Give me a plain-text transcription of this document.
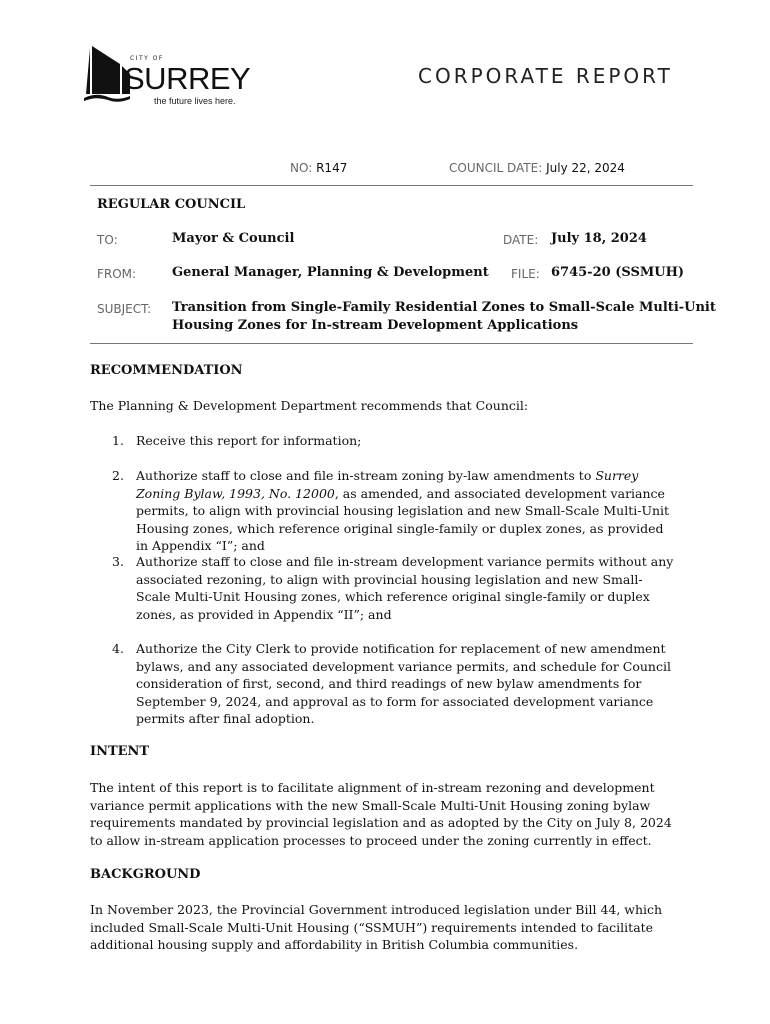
CITY OF
SURREY
the future lives here.
CORPORATE REPORT
NO: R147	COUNCIL DATE: July 22, 2024
REGULAR COUNCIL
TO:	Mayor & Council	DATE: July 18, 2024
FROM:	General Manager, Planning & Development FILE: 6745-20 (SSMUH)
SUBJECT: Transition from Single-Family Residential Zones to Small-Scale Multi-Unit
Housing Zones for In-stream Development Applications
RECOMMENDATION
The Planning & Development Department recommends that Council:
1. Receive this report for information;
2. Authorize staff to close and file in-stream zoning by-law amendments to Surrey Zoning Bylaw, 1993, No. 12000, as amended, and associated development variance permits, to align with provincial housing legislation and new Small-Scale Multi-Unit Housing zones, which reference original single-family or duplex zones, as provided in Appendix “I”; and
3. Authorize staff to close and file in-stream development variance permits without any associated rezoning, to align with provincial housing legislation and new Small-Scale Multi-Unit Housing zones, which reference original single-family or duplex zones, as provided in Appendix “II”; and
4. Authorize the City Clerk to provide notification for replacement of new amendment bylaws, and any associated development variance permits, and schedule for Council consideration of first, second, and third readings of new bylaw amendments for September 9, 2024, and approval as to form for associated development variance permits after final adoption.
INTENT
The intent of this report is to facilitate alignment of in-stream rezoning and development variance permit applications with the new Small-Scale Multi-Unit Housing zoning bylaw requirements mandated by provincial legislation and as adopted by the City on July 8, 2024 to allow in-stream application processes to proceed under the zoning currently in effect.
BACKGROUND
In November 2023, the Provincial Government introduced legislation under Bill 44, which included Small-Scale Multi-Unit Housing (“SSMUH”) requirements intended to facilitate additional housing supply and affordability in British Columbia communities.
